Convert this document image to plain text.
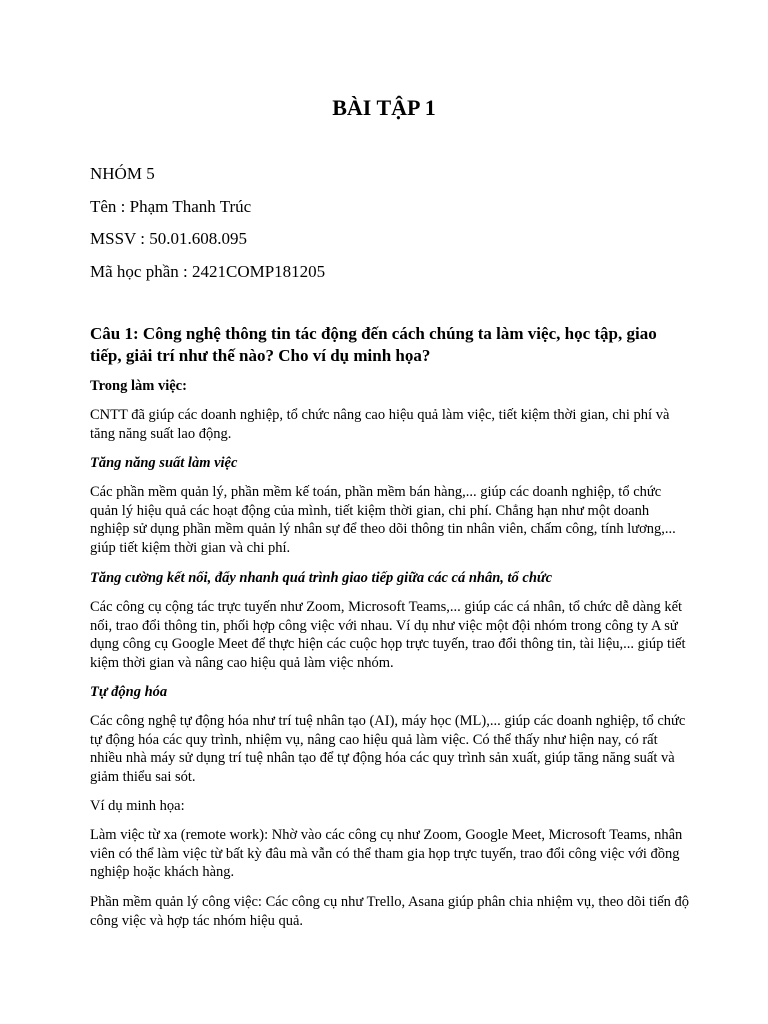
BÀI TẬP 1

NHÓM 5

Tên : Phạm Thanh Trúc

MSSV : 50.01.608.095

Mã học phần : 2421COMP181205

Câu 1: Công nghệ thông tin tác động đến cách chúng ta làm việc, học tập, giao tiếp, giải trí như thế nào? Cho ví dụ minh họa?

Trong làm việc:

CNTT đã giúp các doanh nghiệp, tổ chức nâng cao hiệu quả làm việc, tiết kiệm thời gian, chi phí và tăng năng suất lao động.

Tăng năng suất làm việc

Các phần mềm quản lý, phần mềm kế toán, phần mềm bán hàng,... giúp các doanh nghiệp, tổ chức quản lý hiệu quả các hoạt động của mình, tiết kiệm thời gian, chi phí. Chẳng hạn như một doanh nghiệp sử dụng phần mềm quản lý nhân sự để theo dõi thông tin nhân viên, chấm công, tính lương,... giúp tiết kiệm thời gian và chi phí.

Tăng cường kết nối, đẩy nhanh quá trình giao tiếp giữa các cá nhân, tổ chức

Các công cụ cộng tác trực tuyến như Zoom, Microsoft Teams,... giúp các cá nhân, tổ chức dễ dàng kết nối, trao đổi thông tin, phối hợp công việc với nhau. Ví dụ như việc một đội nhóm trong công ty A sử dụng công cụ Google Meet để thực hiện các cuộc họp trực tuyến, trao đổi thông tin, tài liệu,... giúp tiết kiệm thời gian và nâng cao hiệu quả làm việc nhóm.

Tự động hóa

Các công nghệ tự động hóa như trí tuệ nhân tạo (AI), máy học (ML),... giúp các doanh nghiệp, tổ chức tự động hóa các quy trình, nhiệm vụ, nâng cao hiệu quả làm việc. Có thể thấy như hiện nay, có rất nhiều nhà máy sử dụng trí tuệ nhân tạo để tự động hóa các quy trình sản xuất, giúp tăng năng suất và giảm thiểu sai sót.

Ví dụ minh họa:

Làm việc từ xa (remote work): Nhờ vào các công cụ như Zoom, Google Meet, Microsoft Teams, nhân viên có thể làm việc từ bất kỳ đâu mà vẫn có thể tham gia họp trực tuyến, trao đổi công việc với đồng nghiệp hoặc khách hàng.

Phần mềm quản lý công việc: Các công cụ như Trello, Asana giúp phân chia nhiệm vụ, theo dõi tiến độ công việc và hợp tác nhóm hiệu quả.
